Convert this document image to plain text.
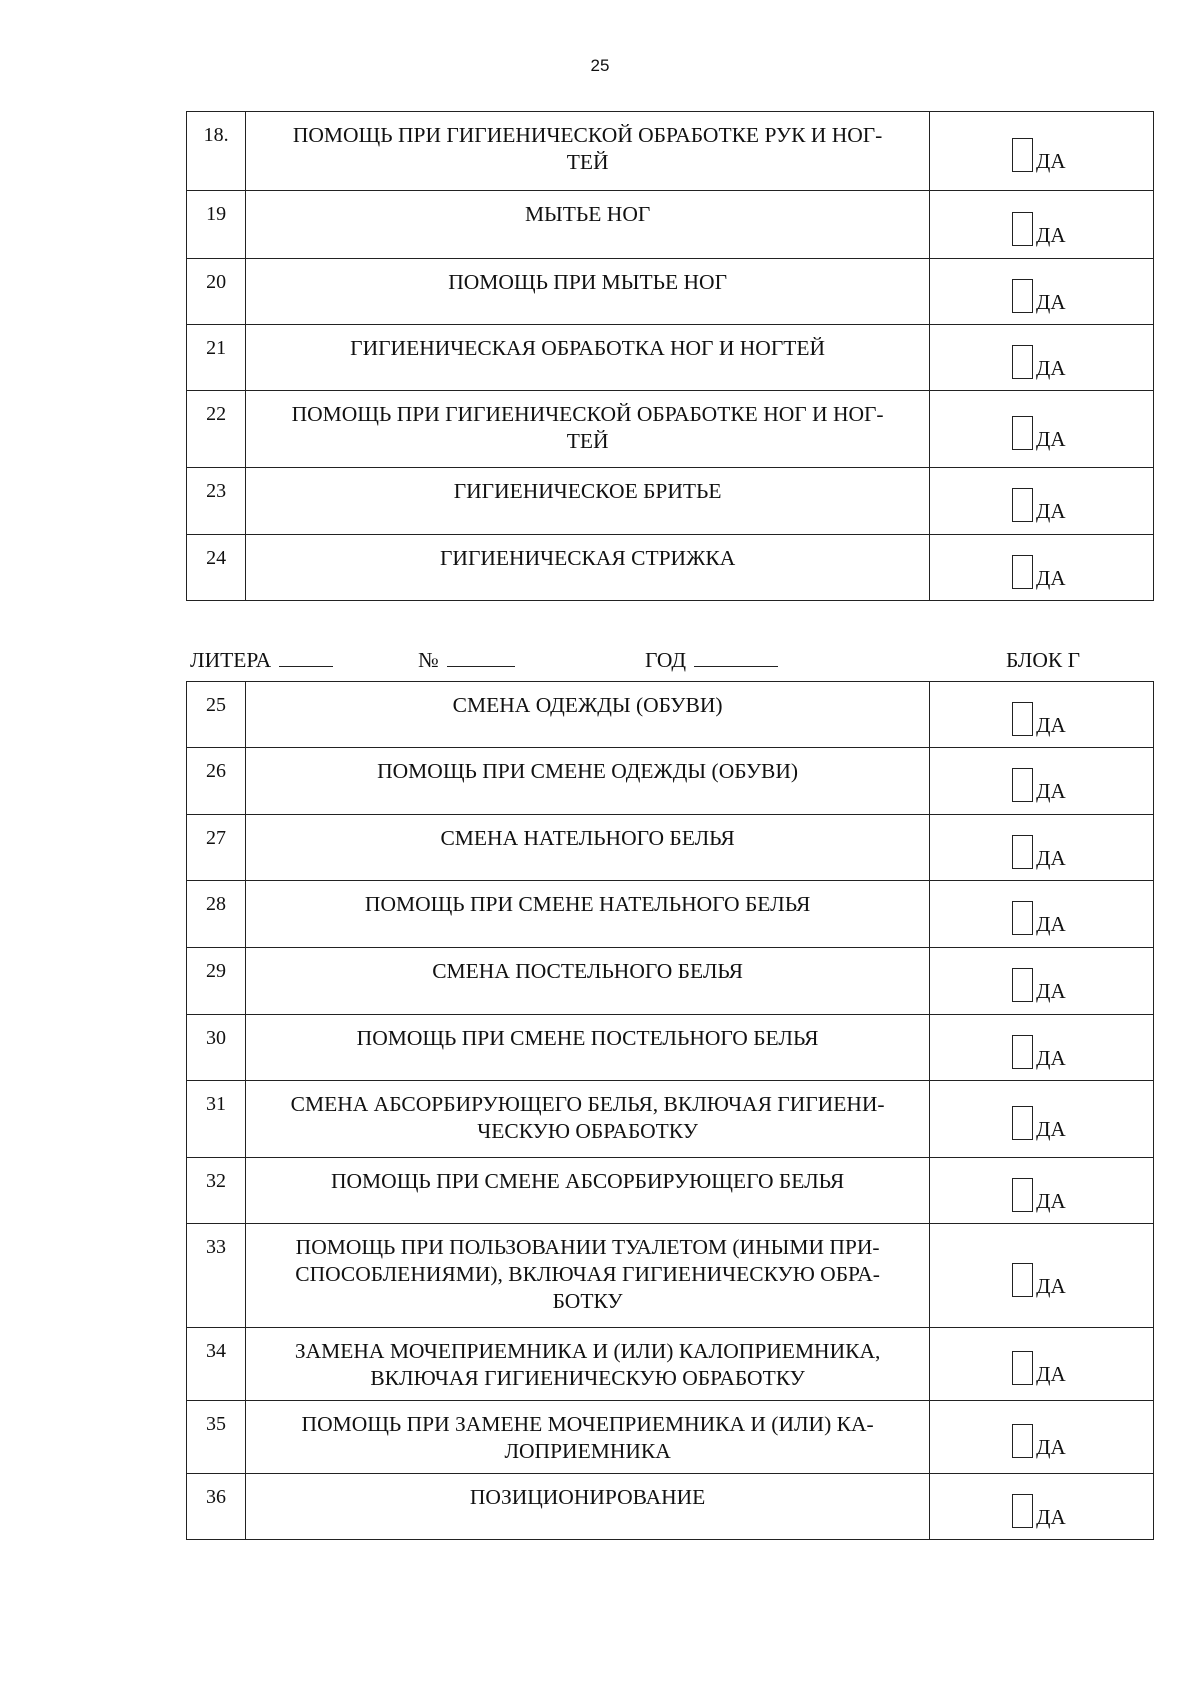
25
18.	ПОМОЩЬ ПРИ ГИГИЕНИЧЕСКОЙ ОБРАБОТКЕ РУК И НОГ-
ТЕЙ	ДА

19	МЫТЬЕ НОГ	ДА

20	ПОМОЩЬ ПРИ МЫТЬЕ НОГ	ДА

21	ГИГИЕНИЧЕСКАЯ ОБРАБОТКА НОГ И НОГТЕЙ	ДА

22	ПОМОЩЬ ПРИ ГИГИЕНИЧЕСКОЙ ОБРАБОТКЕ НОГ И НОГ-
ТЕЙ	ДА

23	ГИГИЕНИЧЕСКОЕ БРИТЬЕ	ДА

24	ГИГИЕНИЧЕСКАЯ СТРИЖКА	ДА
ЛИТЕРА	№	ГОД	БЛОК Г
25	СМЕНА ОДЕЖДЫ (ОБУВИ)	ДА

26	ПОМОЩЬ ПРИ СМЕНЕ ОДЕЖДЫ (ОБУВИ)	ДА

27	СМЕНА НАТЕЛЬНОГО БЕЛЬЯ	ДА

28	ПОМОЩЬ ПРИ СМЕНЕ НАТЕЛЬНОГО БЕЛЬЯ	ДА

29	СМЕНА ПОСТЕЛЬНОГО БЕЛЬЯ	ДА

30	ПОМОЩЬ ПРИ СМЕНЕ ПОСТЕЛЬНОГО БЕЛЬЯ	ДА

31	СМЕНА АБСОРБИРУЮЩЕГО БЕЛЬЯ, ВКЛЮЧАЯ ГИГИЕНИ-
ЧЕСКУЮ ОБРАБОТКУ	ДА

32	ПОМОЩЬ ПРИ СМЕНЕ АБСОРБИРУЮЩЕГО БЕЛЬЯ	ДА

33	ПОМОЩЬ ПРИ ПОЛЬЗОВАНИИ ТУАЛЕТОМ (ИНЫМИ ПРИ-
СПОСОБЛЕНИЯМИ), ВКЛЮЧАЯ ГИГИЕНИЧЕСКУЮ ОБРА-
БОТКУ	ДА

34	ЗАМЕНА МОЧЕПРИЕМНИКА И (ИЛИ) КАЛОПРИЕМНИКА,
ВКЛЮЧАЯ ГИГИЕНИЧЕСКУЮ ОБРАБОТКУ	ДА

35	ПОМОЩЬ ПРИ ЗАМЕНЕ МОЧЕПРИЕМНИКА И (ИЛИ) КА-
ЛОПРИЕМНИКА	ДА

36	ПОЗИЦИОНИРОВАНИЕ	ДА
